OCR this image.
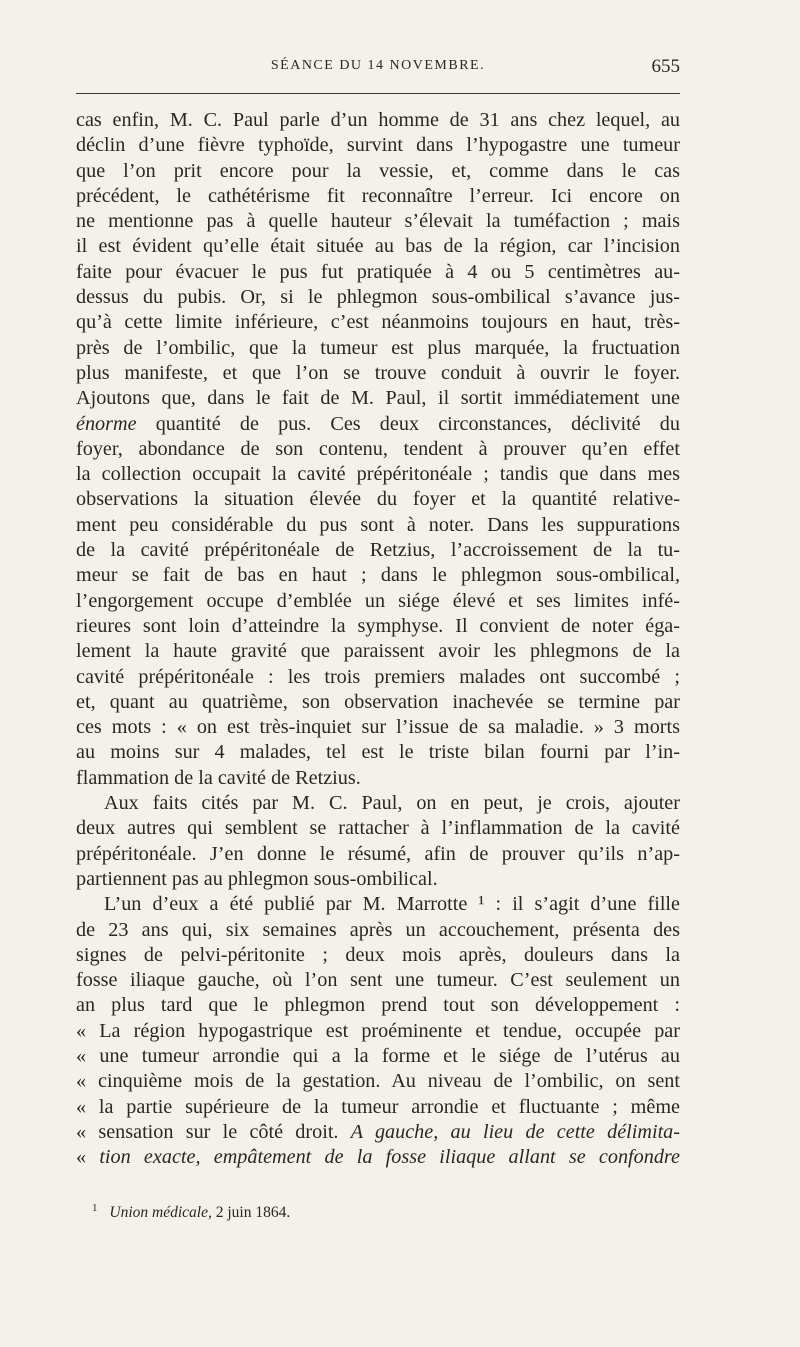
SÉANCE DU 14 NOVEMBRE.	655
cas enfin, M. C. Paul parle d’un homme de 31 ans chez lequel, au
déclin d’une fièvre typhoïde, survint dans l’hypogastre une tumeur
que l’on prit encore pour la vessie, et, comme dans le cas
précédent, le cathétérisme fit reconnaître l’erreur. Ici encore on
ne mentionne pas à quelle hauteur s’élevait la tuméfaction ; mais
il est évident qu’elle était située au bas de la région, car l’incision
faite pour évacuer le pus fut pratiquée à 4 ou 5 centimètres au-
dessus du pubis. Or, si le phlegmon sous-ombilical s’avance jus-
qu’à cette limite inférieure, c’est néanmoins toujours en haut, très-
près de l’ombilic, que la tumeur est plus marquée, la fructuation
plus manifeste, et que l’on se trouve conduit à ouvrir le foyer.
Ajoutons que, dans le fait de M. Paul, il sortit immédiatement une
énorme quantité de pus. Ces deux circonstances, déclivité du
foyer, abondance de son contenu, tendent à prouver qu’en effet
la collection occupait la cavité prépéritonéale ; tandis que dans mes
observations la situation élevée du foyer et la quantité relative-
ment peu considérable du pus sont à noter. Dans les suppurations
de la cavité prépéritonéale de Retzius, l’accroissement de la tu-
meur se fait de bas en haut ; dans le phlegmon sous-ombilical,
l’engorgement occupe d’emblée un siége élevé et ses limites infé-
rieures sont loin d’atteindre la symphyse. Il convient de noter éga-
lement la haute gravité que paraissent avoir les phlegmons de la
cavité prépéritonéale : les trois premiers malades ont succombé ;
et, quant au quatrième, son observation inachevée se termine par
ces mots : « on est très-inquiet sur l’issue de sa maladie. » 3 morts
au moins sur 4 malades, tel est le triste bilan fourni par l’in-
flammation de la cavité de Retzius.
Aux faits cités par M. C. Paul, on en peut, je crois, ajouter
deux autres qui semblent se rattacher à l’inflammation de la cavité
prépéritonéale. J’en donne le résumé, afin de prouver qu’ils n’ap-
partiennent pas au phlegmon sous-ombilical.
L’un d’eux a été publié par M. Marrotte ¹ : il s’agit d’une fille
de 23 ans qui, six semaines après un accouchement, présenta des
signes de pelvi-péritonite ; deux mois après, douleurs dans la
fosse iliaque gauche, où l’on sent une tumeur. C’est seulement un
an plus tard que le phlegmon prend tout son développement :
« La région hypogastrique est proéminente et tendue, occupée par
« une tumeur arrondie qui a la forme et le siége de l’utérus au
« cinquième mois de la gestation. Au niveau de l’ombilic, on sent
« la partie supérieure de la tumeur arrondie et fluctuante ; même
« sensation sur le côté droit. A gauche, au lieu de cette délimita-
« tion exacte, empâtement de la fosse iliaque allant se confondre
$^1$ Union médicale, 2 juin 1864.
